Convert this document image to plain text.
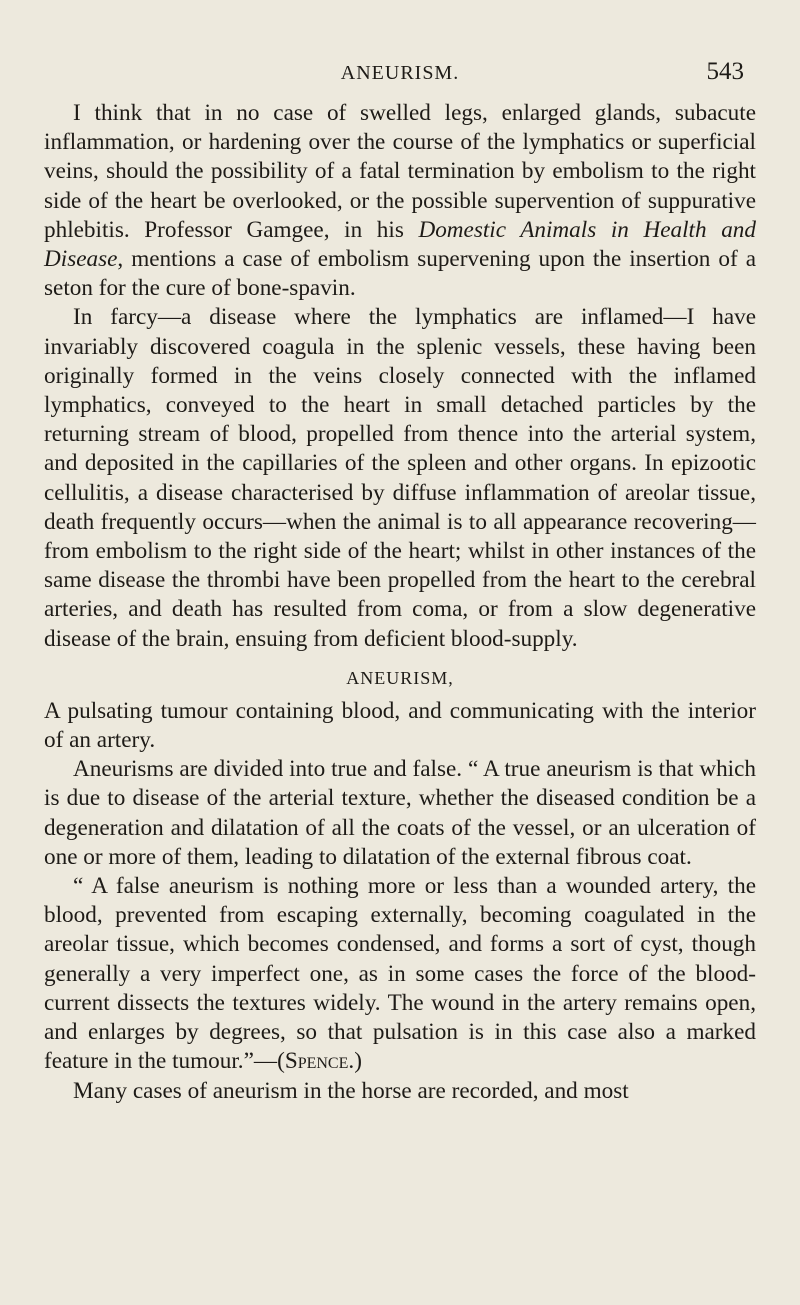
ANEURISM.	543

I think that in no case of swelled legs, enlarged glands, subacute inflammation, or hardening over the course of the lymphatics or superficial veins, should the possibility of a fatal termination by embolism to the right side of the heart be overlooked, or the possible supervention of suppurative phlebitis. Professor Gamgee, in his Domestic Animals in Health and Disease, mentions a case of embolism supervening upon the insertion of a seton for the cure of bone-spavin.

In farcy—a disease where the lymphatics are inflamed—I have invariably discovered coagula in the splenic vessels, these having been originally formed in the veins closely connected with the inflamed lymphatics, conveyed to the heart in small detached particles by the returning stream of blood, propelled from thence into the arterial system, and deposited in the capillaries of the spleen and other organs. In epizootic cellulitis, a disease characterised by diffuse inflammation of areolar tissue, death frequently occurs—when the animal is to all appearance recovering—from embolism to the right side of the heart; whilst in other instances of the same disease the thrombi have been propelled from the heart to the cerebral arteries, and death has resulted from coma, or from a slow degenerative disease of the brain, ensuing from deficient blood-supply.

ANEURISM,

A pulsating tumour containing blood, and communicating with the interior of an artery.

Aneurisms are divided into true and false. “ A true aneurism is that which is due to disease of the arterial texture, whether the diseased condition be a degeneration and dilatation of all the coats of the vessel, or an ulceration of one or more of them, leading to dilatation of the external fibrous coat.

“ A false aneurism is nothing more or less than a wounded artery, the blood, prevented from escaping externally, becoming coagulated in the areolar tissue, which becomes condensed, and forms a sort of cyst, though generally a very imperfect one, as in some cases the force of the blood-current dissects the textures widely. The wound in the artery remains open, and enlarges by degrees, so that pulsation is in this case also a marked feature in the tumour.”—(Spence.)

Many cases of aneurism in the horse are recorded, and most
